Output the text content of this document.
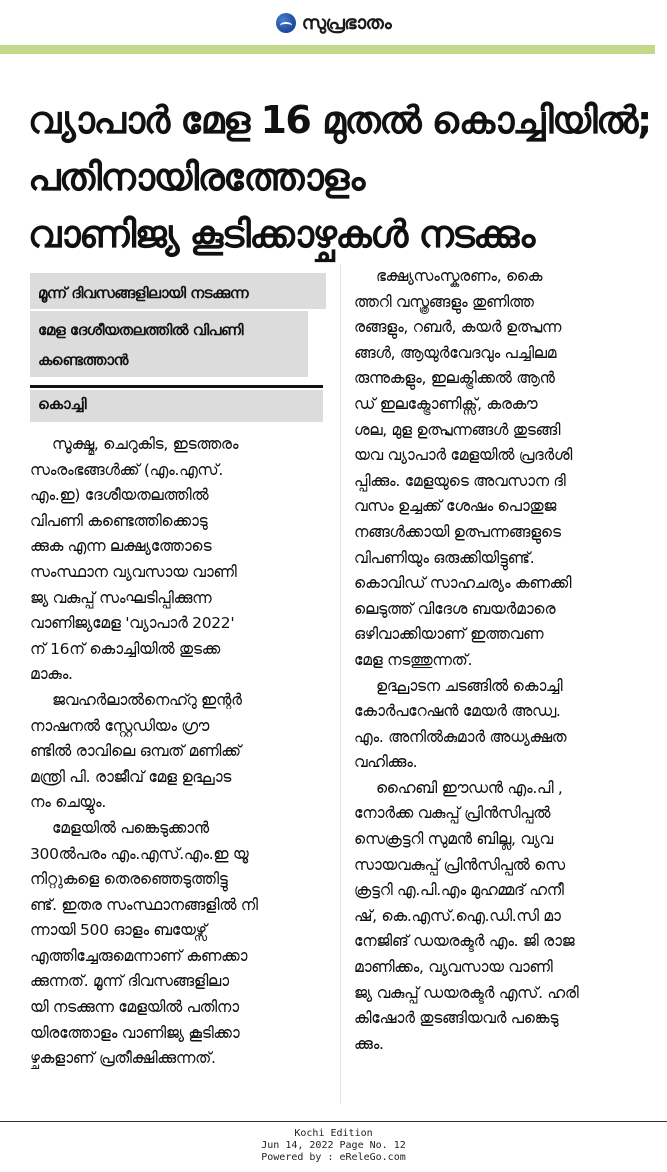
സുപ്രഭാതം
വ്യാപാർ മേള 16 മുതൽ കൊച്ചിയിൽ;
പതിനായിരത്തോളം
വാണിജ്യ കൂടിക്കാഴ്ചകൾ നടക്കും
മൂന്ന് ദിവസങ്ങളിലായി നടക്കുന്ന
മേള ദേശീയതലത്തിൽ വിപണി
കണ്ടെത്താൻ
കൊച്ചി

സൂക്ഷ്മ, ചെറുകിട, ഇടത്തരം
സംരംഭങ്ങൾക്ക് (എം.എസ്.
എം.ഇ) ദേശീയതലത്തിൽ
വിപണി കണ്ടെത്തിക്കൊടു
ക്കുക എന്ന ലക്ഷ്യത്തോടെ
സംസ്ഥാന വ്യവസായ വാണി
ജ്യ വകുപ്പ് സംഘടിപ്പിക്കുന്ന
വാണിജ്യമേള 'വ്യാപാർ 2022'
ന് 16ന് കൊച്ചിയിൽ തുടക്ക
മാകും.

ജവഹർലാൽനെഹ്റു ഇന്റർ
നാഷനൽ സ്റ്റേഡിയം ഗ്രൗ
ണ്ടിൽ രാവിലെ ഒമ്പത് മണിക്ക്
മന്ത്രി പി. രാജീവ് മേള ഉദ്ഘാട
നം ചെയ്യും.

മേളയിൽ പങ്കെടുക്കാൻ
300ൽപരം എം.എസ്.എം.ഇ യൂ
നിറ്റുകളെ തെരഞ്ഞെടുത്തിട്ടു
ണ്ട്. ഇതര സംസ്ഥാനങ്ങളിൽ നി
ന്നായി 500 ഓളം ബയേഴ്സ്
എത്തിച്ചേരുമെന്നാണ് കണക്കാ
ക്കുന്നത്. മൂന്ന് ദിവസങ്ങളിലാ
യി നടക്കുന്ന മേളയിൽ പതിനാ
യിരത്തോളം വാണിജ്യ കൂടിക്കാ
ഴ്ചകളാണ് പ്രതീക്ഷിക്കുന്നത്.

ഭക്ഷ്യസംസ്കരണം, കൈ
ത്തറി വസ്ത്രങ്ങളും തുണിത്ത
രങ്ങളും, റബർ, കയർ ഉത്പ്പന്ന
ങ്ങൾ, ആയുർവേദവും പച്ചിലമ
രുന്നുകളും, ഇലക്ട്രിക്കൽ ആൻ
ഡ് ഇലക്ട്രോണിക്സ്, കരകൗ
ശല, മുള ഉത്പ്പന്നങ്ങൾ തുടങ്ങി
യവ വ്യാപാർ മേളയിൽ പ്രദർശി
പ്പിക്കും. മേളയുടെ അവസാന ദി
വസം ഉച്ചക്ക് ശേഷം പൊതുജ
നങ്ങൾക്കായി ഉത്പന്നങ്ങളുടെ
വിപണിയും ഒരുക്കിയിട്ടുണ്ട്.
കൊവിഡ് സാഹചര്യം കണക്കി
ലെടുത്ത് വിദേശ ബയർമാരെ
ഒഴിവാക്കിയാണ് ഇത്തവണ
മേള നടത്തുന്നത്.

ഉദ്ഘാടന ചടങ്ങിൽ കൊച്ചി
കോർപറേഷൻ മേയർ അഡ്വ.
എം. അനിൽകുമാർ അധ്യക്ഷത
വഹിക്കും.

ഹൈബി ഈഡൻ എം.പി ,
നോർക്ക വകുപ്പ് പ്രിൻസിപ്പൽ
സെക്രട്ടറി സുമൻ ബില്ല, വ്യവ
സായവകുപ്പ് പ്രിൻസിപ്പൽ സെ
ക്രട്ടറി എ.പി.എം മുഹമ്മദ് ഹനീ
ഷ്, കെ.എസ്.ഐ.ഡി.സി മാ
നേജിങ് ഡയരക്ടർ എം. ജി രാജ
മാണിക്കം, വ്യവസായ വാണി
ജ്യ വകുപ്പ് ഡയരക്ടർ എസ്. ഹരി
കിഷോർ തുടങ്ങിയവർ പങ്കെടു
ക്കും.

Kochi Edition
Jun 14, 2022 Page No. 12
Powered by : eReleGo.com
